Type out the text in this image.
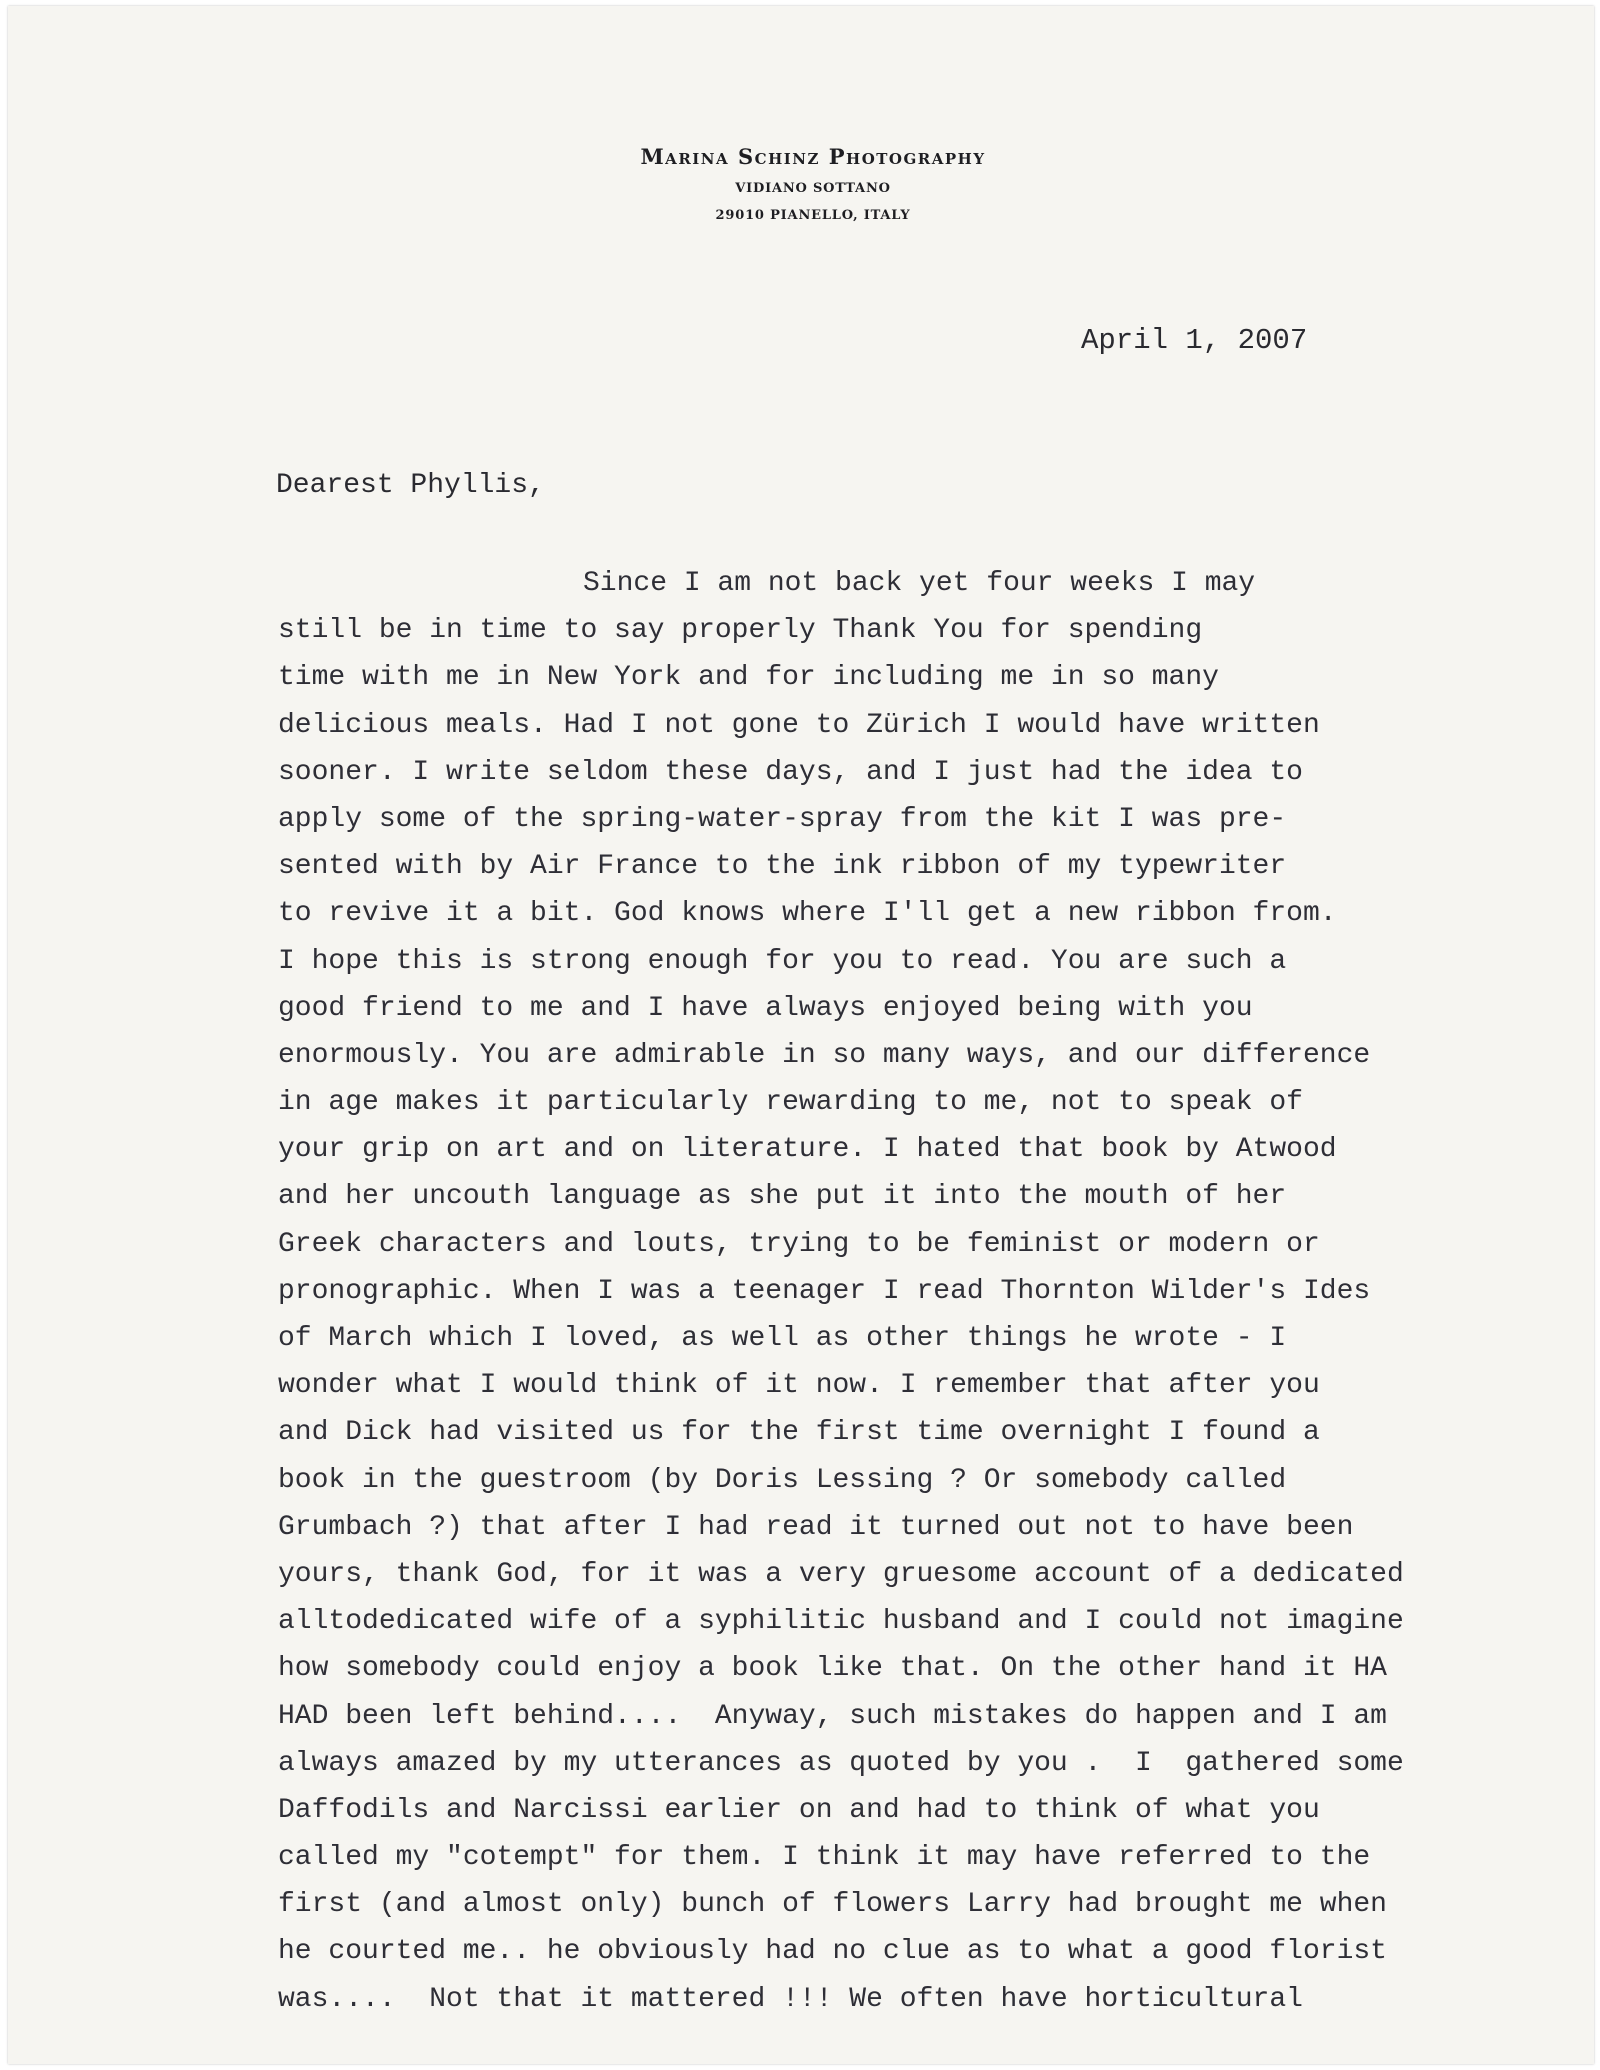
Marina Schinz Photography
VIDIANO SOTTANO
29010 PIANELLO, ITALY
April 1, 2007
Dearest Phyllis,
Since I am not back yet four weeks I may
still be in time to say properly Thank You for spending
time with me in New York and for including me in so many
delicious meals. Had I not gone to Zürich I would have written
sooner. I write seldom these days, and I just had the idea to
apply some of the spring-water-spray from the kit I was pre-
sented with by Air France to the ink ribbon of my typewriter
to revive it a bit. God knows where I'll get a new ribbon from.
I hope this is strong enough for you to read. You are such a
good friend to me and I have always enjoyed being with you
enormously. You are admirable in so many ways, and our difference
in age makes it particularly rewarding to me, not to speak of
your grip on art and on literature. I hated that book by Atwood
and her uncouth language as she put it into the mouth of her
Greek characters and louts, trying to be feminist or modern or
pronographic. When I was a teenager I read Thornton Wilder's Ides
of March which I loved, as well as other things he wrote - I
wonder what I would think of it now. I remember that after you
and Dick had visited us for the first time overnight I found a
book in the guestroom (by Doris Lessing ? Or somebody called
Grumbach ?) that after I had read it turned out not to have been
yours, thank God, for it was a very gruesome account of a dedicated
alltodedicated wife of a syphilitic husband and I could not imagine
how somebody could enjoy a book like that. On the other hand it HA
HAD been left behind....  Anyway, such mistakes do happen and I am
always amazed by my utterances as quoted by you .  I  gathered some
Daffodils and Narcissi earlier on and had to think of what you
called my "cotempt" for them. I think it may have referred to the
first (and almost only) bunch of flowers Larry had brought me when
he courted me.. he obviously had no clue as to what a good florist
was....  Not that it mattered !!! We often have horticultural
